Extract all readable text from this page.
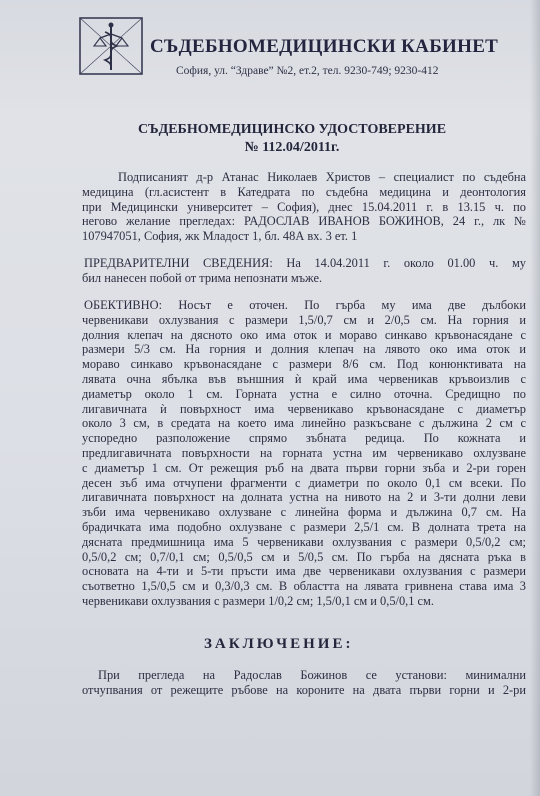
СЪДЕБНОМЕДИЦИНСКИ КАБИНЕТ
София, ул. “Здраве” №2, ет.2, тел. 9230-749; 9230-412
СЪДЕБНОМЕДИЦИНСКО УДОСТОВЕРЕНИЕ
№ 112.04/2011г.
Подписаният д-р Атанас Николаев Христов – специалист по съдебна
медицина (гл.асистент в Катедрата по съдебна медицина и деонтология
при Медицински университет – София), днес 15.04.2011 г. в 13.15 ч. по
негово желание прегледах: РАДОСЛАВ ИВАНОВ БОЖИНОВ, 24 г., лк №
107947051, София, жк Младост 1, бл. 48А вх. 3 ет. 1
ПРЕДВАРИТЕЛНИ СВЕДЕНИЯ: На 14.04.2011 г. около 01.00 ч. му
бил нанесен побой от трима непознати мъже.
ОБЕКТИВНО: Носът е оточен. По гърба му има две дълбоки
червеникави охлузвания с размери 1,5/0,7 см и 2/0,5 см. На горния и
долния клепач на дясното око има оток и мораво синкаво кръвонасядане с
размери 5/3 см. На горния и долния клепач на лявото око има оток и
мораво синкаво кръвонасядане с размери 8/6 см. Под конюнктивата на
лявата очна ябълка във външния ѝ край има червеникав кръвоизлив с
диаметър около 1 см. Горната устна е силно оточна. Средищно по
лигавичната ѝ повърхност има червеникаво кръвонасядане с диаметър
около 3 см, в средата на което има линейно разкъсване с дължина 2 см с
успоредно разположение спрямо зъбната редица. По кожната и
предлигавичната повърхности на горната устна им червеникаво охлузване
с диаметър 1 см. От режещия ръб на двата първи горни зъба и 2-ри горен
десен зъб има отчупени фрагменти с диаметри по около 0,1 см всеки. По
лигавичната повърхност на долната устна на нивото на 2 и 3-ти долни леви
зъби има червеникаво охлузване с линейна форма и дължина 0,7 см. На
брадичката има подобно охлузване с размери 2,5/1 см. В долната трета на
дясната предмишница има 5 червеникави охлузвания с размери 0,5/0,2 см;
0,5/0,2 см; 0,7/0,1 см; 0,5/0,5 см и 5/0,5 см. По гърба на дясната ръка в
основата на 4-ти и 5-ти пръсти има две червеникави охлузвания с размери
съответно 1,5/0,5 см и 0,3/0,3 см. В областта на лявата гривнена става има 3
червеникави охлузвания с размери 1/0,2 см; 1,5/0,1 см и 0,5/0,1 см.
ЗАКЛЮЧЕНИЕ:
При прегледа на Радослав Божинов се установи: минимални
отчупвания от режещите ръбове на короните на двата първи горни и 2-ри
